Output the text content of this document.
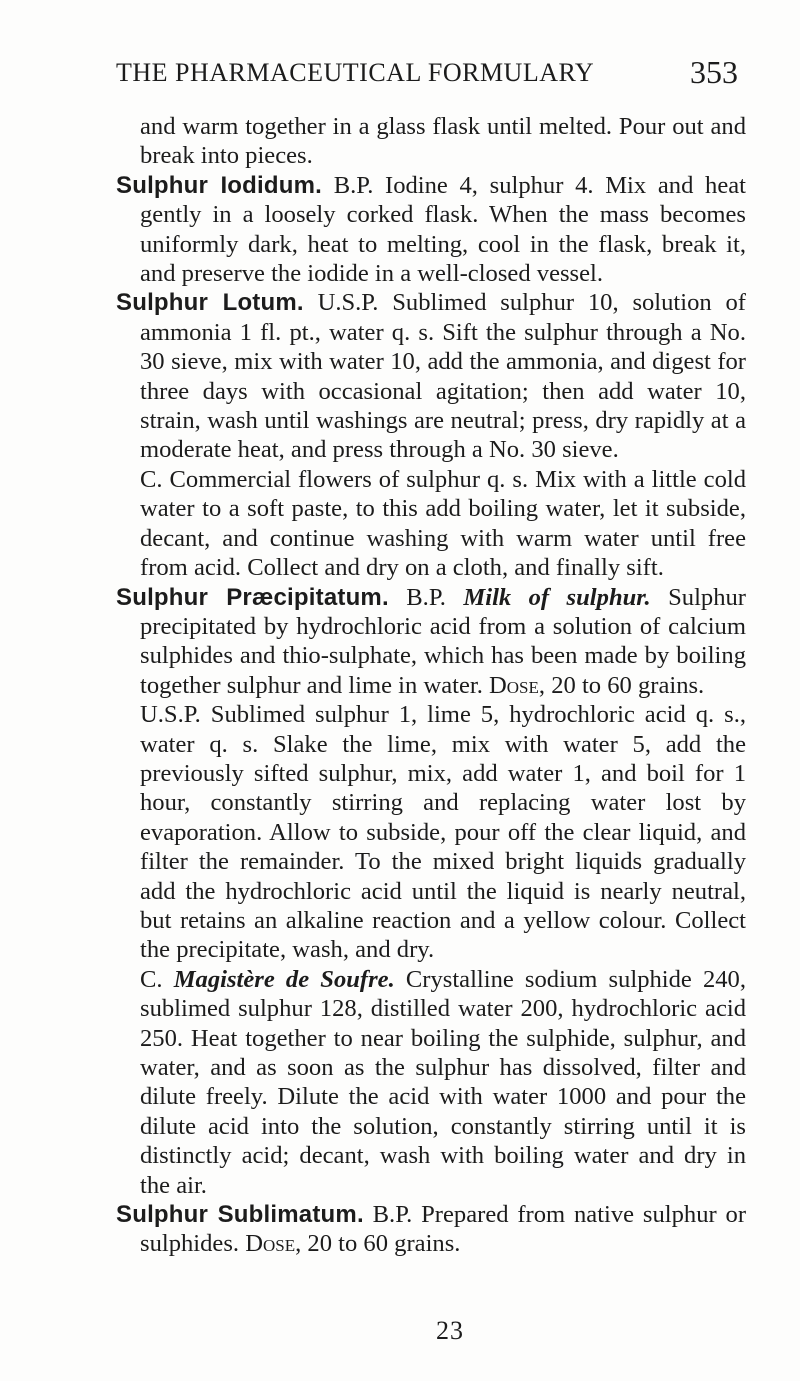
THE PHARMACEUTICAL FORMULARY	353

and warm together in a glass flask until melted. Pour out and break into pieces.

Sulphur Iodidum. B.P. Iodine 4, sulphur 4. Mix and heat gently in a loosely corked flask. When the mass becomes uniformly dark, heat to melting, cool in the flask, break it, and preserve the iodide in a well-closed vessel.

Sulphur Lotum. U.S.P. Sublimed sulphur 10, solution of ammonia 1 fl. pt., water q. s. Sift the sulphur through a No. 30 sieve, mix with water 10, add the ammonia, and digest for three days with occasional agitation; then add water 10, strain, wash until washings are neutral; press, dry rapidly at a moderate heat, and press through a No. 30 sieve.

C. Commercial flowers of sulphur q. s. Mix with a little cold water to a soft paste, to this add boiling water, let it subside, decant, and continue washing with warm water until free from acid. Collect and dry on a cloth, and finally sift.

Sulphur Præcipitatum. B.P. Milk of sulphur. Sulphur precipitated by hydrochloric acid from a solution of calcium sulphides and thio-sulphate, which has been made by boiling together sulphur and lime in water. Dose, 20 to 60 grains.

U.S.P. Sublimed sulphur 1, lime 5, hydrochloric acid q. s., water q. s. Slake the lime, mix with water 5, add the previously sifted sulphur, mix, add water 1, and boil for 1 hour, constantly stirring and replacing water lost by evaporation. Allow to subside, pour off the clear liquid, and filter the remainder. To the mixed bright liquids gradually add the hydrochloric acid until the liquid is nearly neutral, but retains an alkaline reaction and a yellow colour. Collect the precipitate, wash, and dry.

C. Magistère de Soufre. Crystalline sodium sulphide 240, sublimed sulphur 128, distilled water 200, hydrochloric acid 250. Heat together to near boiling the sulphide, sulphur, and water, and as soon as the sulphur has dissolved, filter and dilute freely. Dilute the acid with water 1000 and pour the dilute acid into the solution, constantly stirring until it is distinctly acid; decant, wash with boiling water and dry in the air.

Sulphur Sublimatum. B.P. Prepared from native sulphur or sulphides. Dose, 20 to 60 grains.

23
